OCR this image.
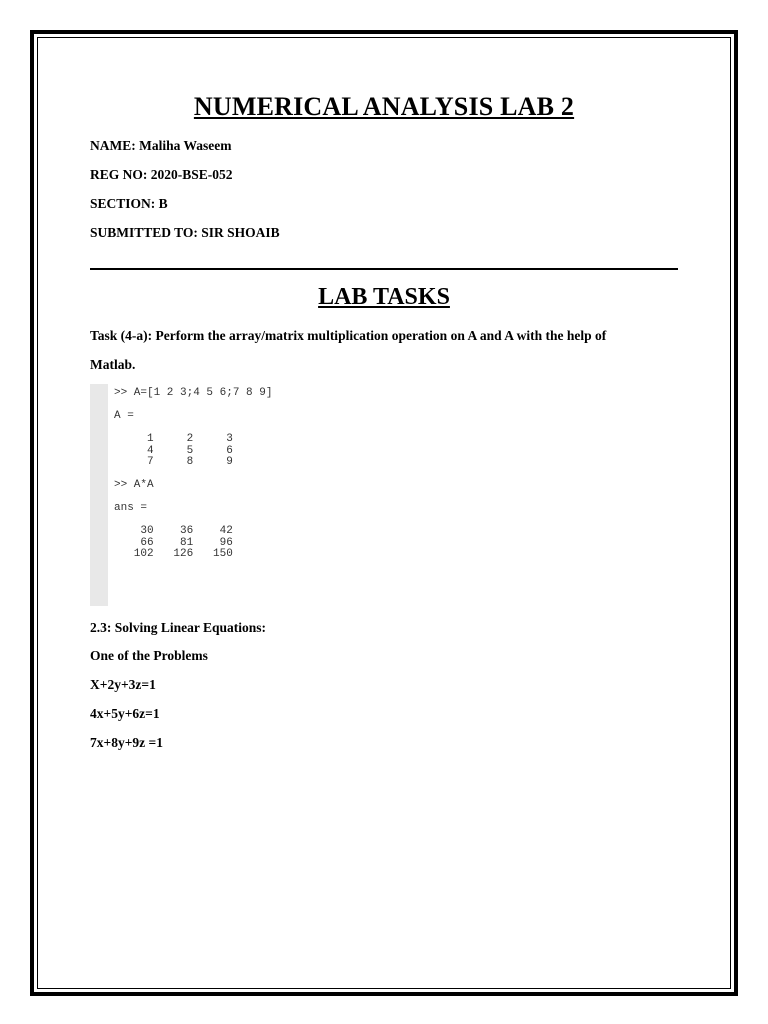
NUMERICAL ANALYSIS LAB 2
NAME: Maliha Waseem
REG NO: 2020-BSE-052
SECTION: B
SUBMITTED TO: SIR SHOAIB
LAB TASKS
Task (4-a): Perform the array/matrix multiplication operation on A and A with the help of
Matlab.
>> A=[1 2 3;4 5 6;7 8 9]

A =

1     2     3
4     5     6
7     8     9

>> A*A

ans =

30    36    42
66    81    96
102   126   150

2.3: Solving Linear Equations:
One of the Problems
X+2y+3z=1
4x+5y+6z=1
7x+8y+9z =1
